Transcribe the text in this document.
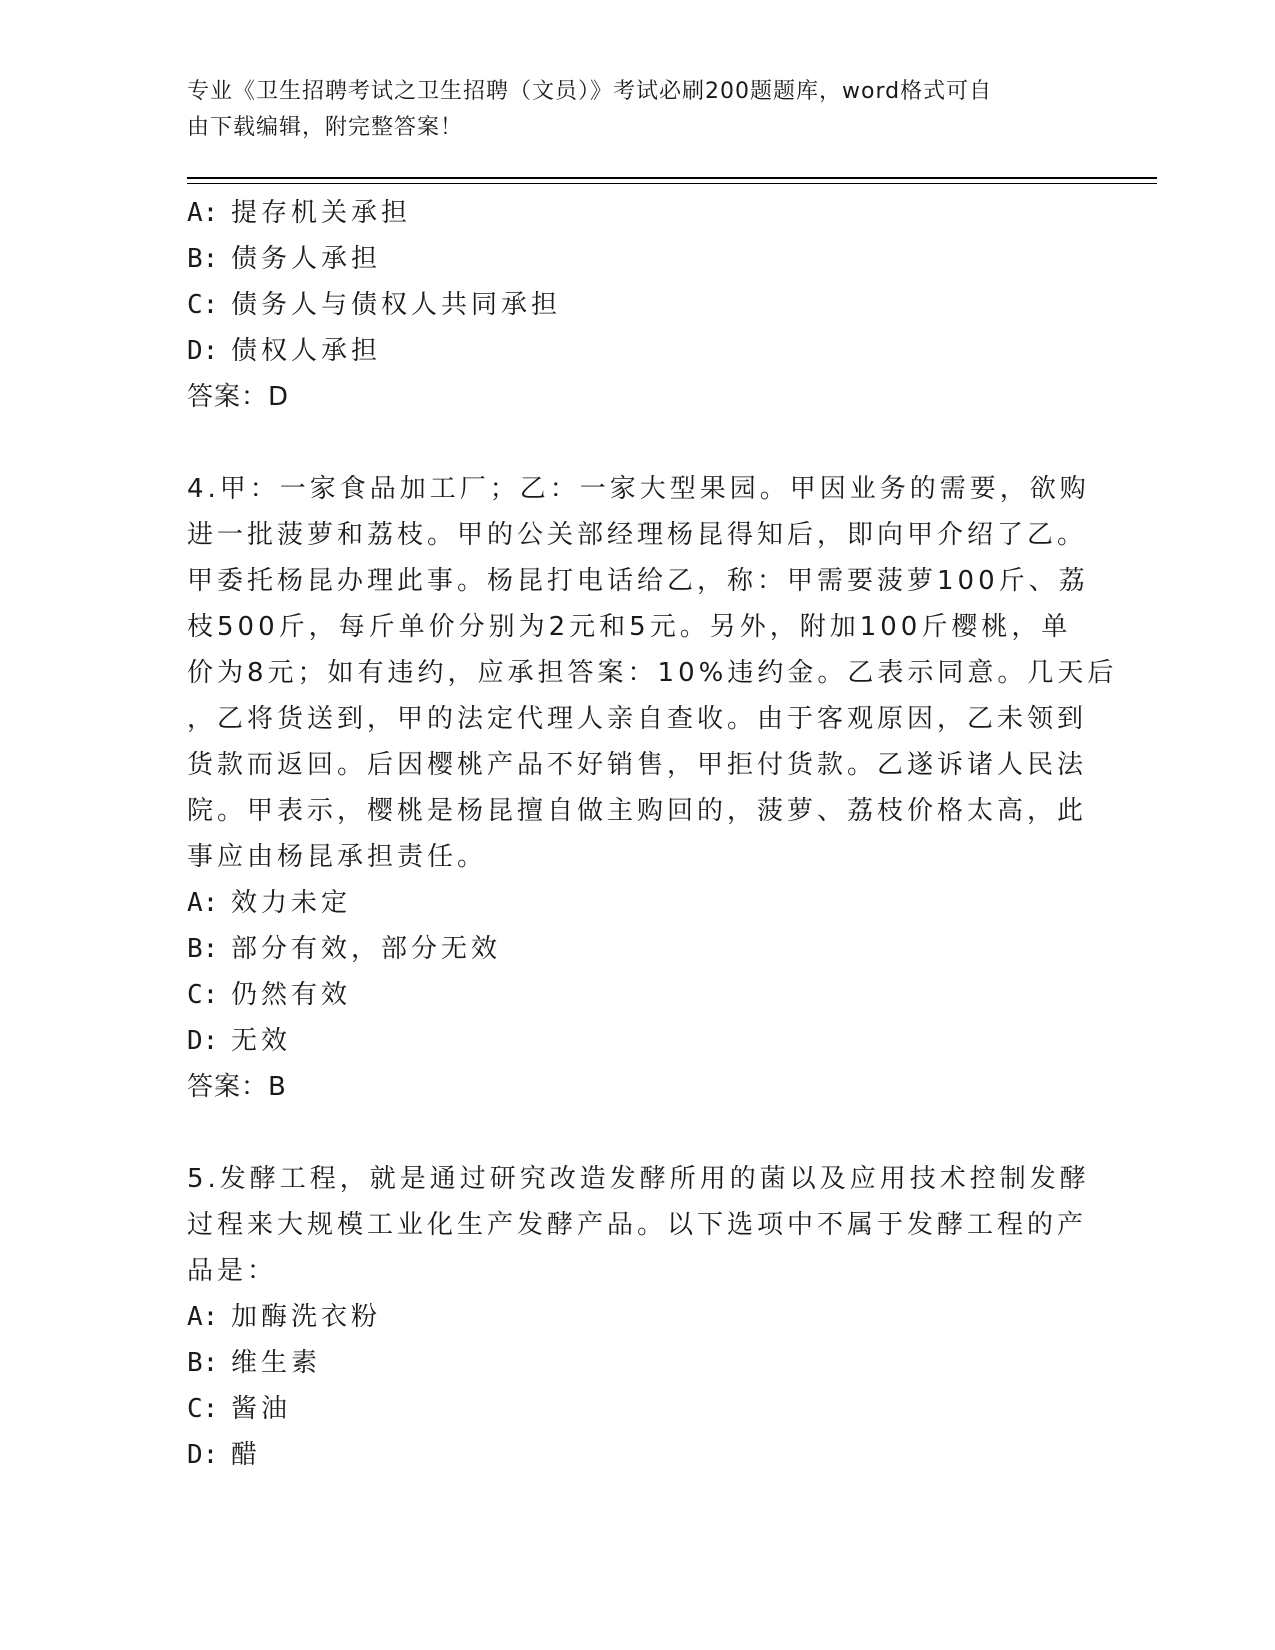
专业《卫生招聘考试之卫生招聘（文员）》考试必刷200题题库，word格式可自
由下载编辑，附完整答案！
A: 提存机关承担
B: 债务人承担
C: 债务人与债权人共同承担
D: 债权人承担
答案：D
4.甲：一家食品加工厂；乙：一家大型果园。甲因业务的需要，欲购
进一批菠萝和荔枝。甲的公关部经理杨昆得知后，即向甲介绍了乙。
甲委托杨昆办理此事。杨昆打电话给乙，称：甲需要菠萝100斤、荔
枝500斤，每斤单价分别为2元和5元。另外，附加100斤樱桃，单
价为8元；如有违约，应承担答案：10%违约金。乙表示同意。几天后
，乙将货送到，甲的法定代理人亲自查收。由于客观原因，乙未领到
货款而返回。后因樱桃产品不好销售，甲拒付货款。乙遂诉诸人民法
院。甲表示，樱桃是杨昆擅自做主购回的，菠萝、荔枝价格太高，此
事应由杨昆承担责任。
A: 效力未定
B: 部分有效，部分无效
C: 仍然有效
D: 无效
答案：B
5.发酵工程，就是通过研究改造发酵所用的菌以及应用技术控制发酵
过程来大规模工业化生产发酵产品。以下选项中不属于发酵工程的产
品是：
A: 加酶洗衣粉
B: 维生素
C: 酱油
D: 醋
